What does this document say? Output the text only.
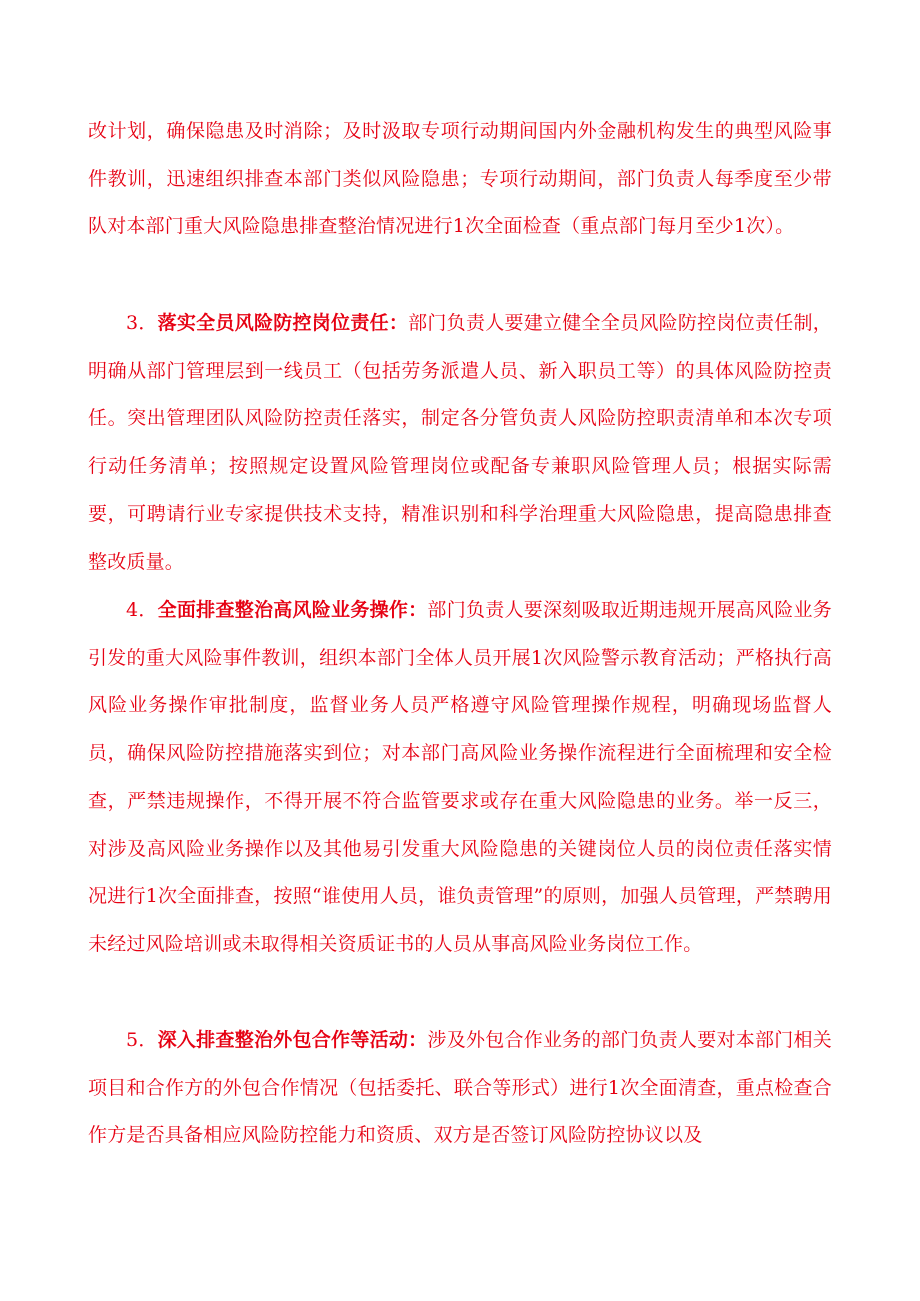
改计划，确保隐患及时消除；及时汲取专项行动期间国内外金融机构发生的典型风险事件教训，迅速组织排查本部门类似风险隐患；专项行动期间，部门负责人每季度至少带队对本部门重大风险隐患排查整治情况进行1次全面检查（重点部门每月至少1次）。

3．落实全员风险防控岗位责任：部门负责人要建立健全全员风险防控岗位责任制，明确从部门管理层到一线员工（包括劳务派遣人员、新入职员工等）的具体风险防控责任。突出管理团队风险防控责任落实，制定各分管负责人风险防控职责清单和本次专项行动任务清单；按照规定设置风险管理岗位或配备专兼职风险管理人员；根据实际需要，可聘请行业专家提供技术支持，精准识别和科学治理重大风险隐患，提高隐患排查整改质量。

4．全面排查整治高风险业务操作：部门负责人要深刻吸取近期违规开展高风险业务引发的重大风险事件教训，组织本部门全体人员开展1次风险警示教育活动；严格执行高风险业务操作审批制度，监督业务人员严格遵守风险管理操作规程，明确现场监督人员，确保风险防控措施落实到位；对本部门高风险业务操作流程进行全面梳理和安全检查，严禁违规操作，不得开展不符合监管要求或存在重大风险隐患的业务。举一反三，对涉及高风险业务操作以及其他易引发重大风险隐患的关键岗位人员的岗位责任落实情况进行1次全面排查，按照“谁使用人员，谁负责管理”的原则，加强人员管理，严禁聘用未经过风险培训或未取得相关资质证书的人员从事高风险业务岗位工作。

5．深入排查整治外包合作等活动：涉及外包合作业务的部门负责人要对本部门相关项目和合作方的外包合作情况（包括委托、联合等形式）进行1次全面清查，重点检查合作方是否具备相应风险防控能力和资质、双方是否签订风险防控协议以及
